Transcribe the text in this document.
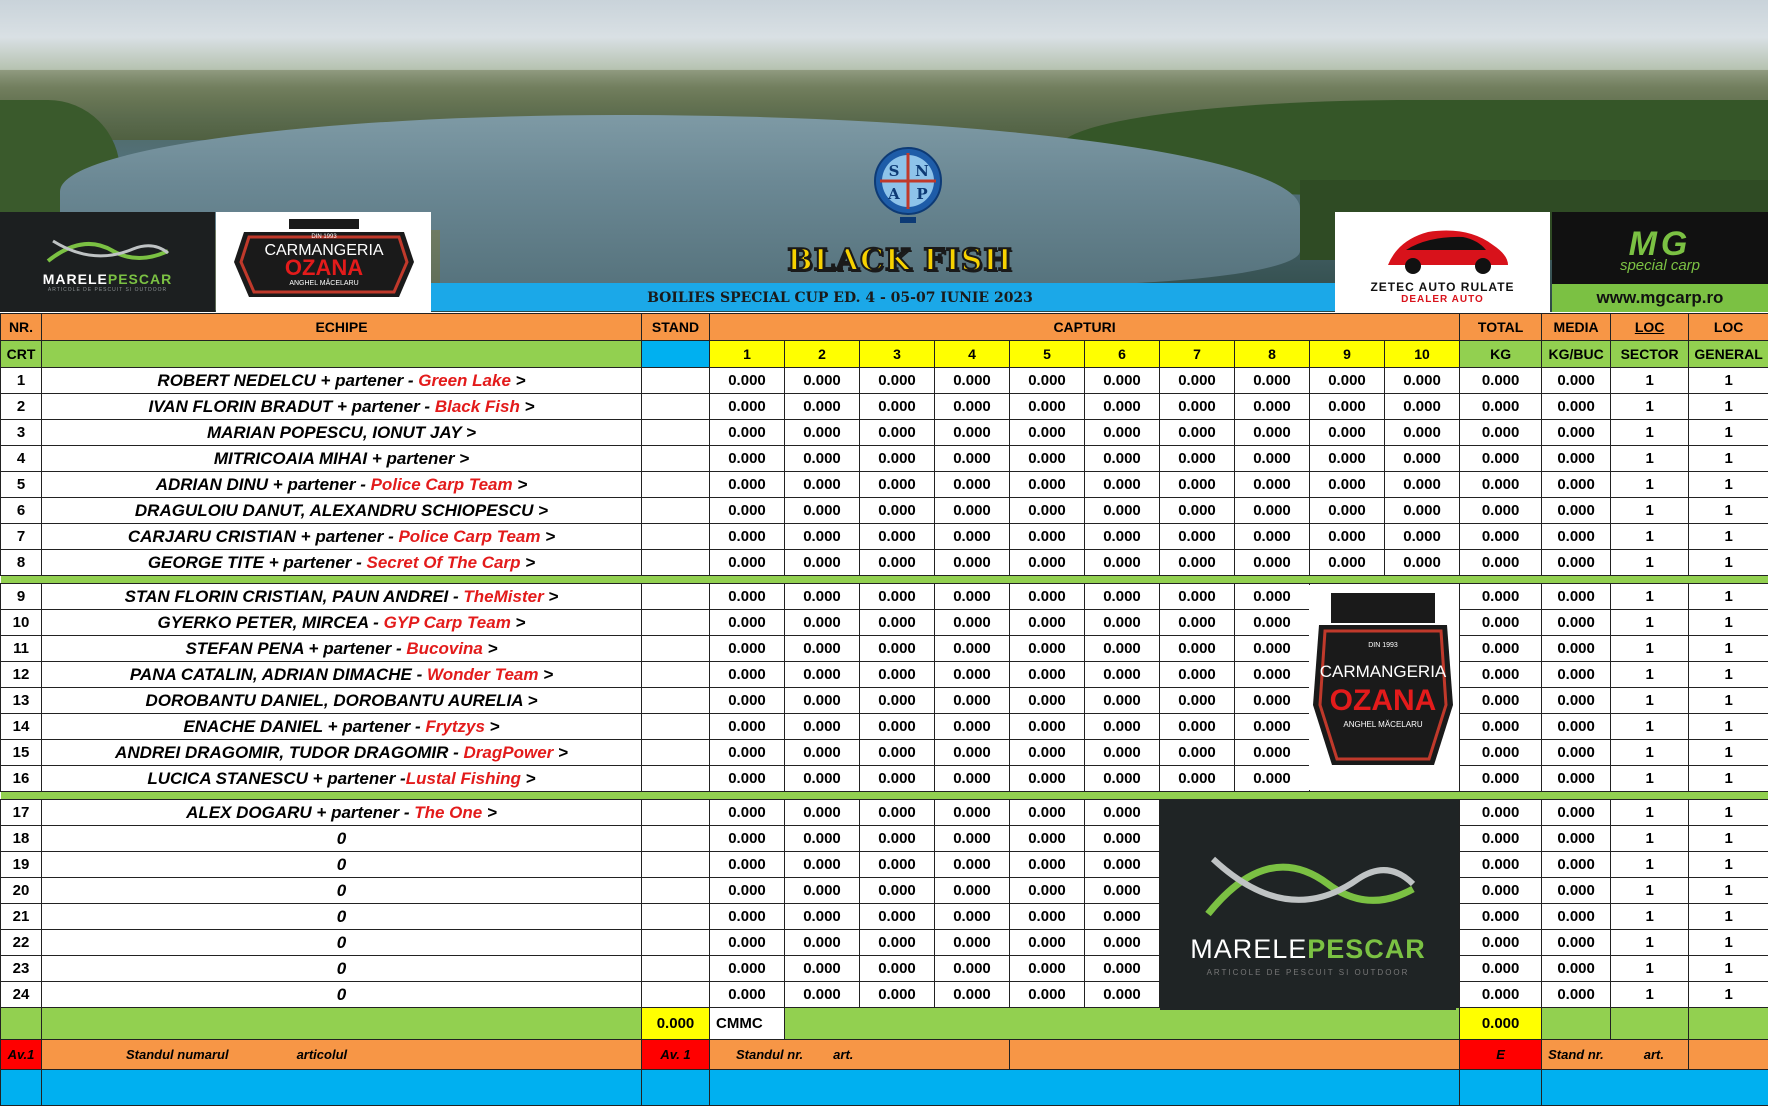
MARELEPESCAR
ARTICOLE DE PESCUIT SI OUTDOOR
DIN 1993
CARMANGERIA
OZANA
ANGHEL MĂCELARU
S N
A P
BLACK FISH
BOILIES SPECIAL CUP ED. 4 - 05-07 IUNIE 2023
ZETEC AUTO RULATE
DEALER AUTO
MG
special carp
www.mgcarp.ro
NR.	ECHIPE	STAND	CAPTURI										TOTAL	MEDIA	LOC	LOC
CRT			1	2	3	4	5	6	7	8	9	10	KG	KG/BUC	SECTOR	GENERAL
1	ROBERT NEDELCU + partener - Green Lake >		0.000	0.000	0.000	0.000	0.000	0.000	0.000	0.000	0.000	0.000	0.000	0.000	1	1
2	IVAN FLORIN BRADUT + partener - Black Fish >		0.000	0.000	0.000	0.000	0.000	0.000	0.000	0.000	0.000	0.000	0.000	0.000	1	1
3	MARIAN POPESCU, IONUT JAY >		0.000	0.000	0.000	0.000	0.000	0.000	0.000	0.000	0.000	0.000	0.000	0.000	1	1
4	MITRICOAIA MIHAI + partener >		0.000	0.000	0.000	0.000	0.000	0.000	0.000	0.000	0.000	0.000	0.000	0.000	1	1
5	ADRIAN DINU + partener - Police Carp Team >		0.000	0.000	0.000	0.000	0.000	0.000	0.000	0.000	0.000	0.000	0.000	0.000	1	1
6	DRAGULOIU DANUT, ALEXANDRU SCHIOPESCU >		0.000	0.000	0.000	0.000	0.000	0.000	0.000	0.000	0.000	0.000	0.000	0.000	1	1
7	CARJARU CRISTIAN + partener - Police Carp Team >		0.000	0.000	0.000	0.000	0.000	0.000	0.000	0.000	0.000	0.000	0.000	0.000	1	1
8	GEORGE TITE + partener - Secret Of The Carp >		0.000	0.000	0.000	0.000	0.000	0.000	0.000	0.000	0.000	0.000	0.000	0.000	1	1

9	STAN FLORIN CRISTIAN, PAUN ANDREI - TheMister >		0.000	0.000	0.000	0.000	0.000	0.000	0.000	0.000			0.000	0.000	1	1
10	GYERKO PETER, MIRCEA - GYP Carp Team >		0.000	0.000	0.000	0.000	0.000	0.000	0.000	0.000			0.000	0.000	1	1
11	STEFAN PENA + partener - Bucovina >		0.000	0.000	0.000	0.000	0.000	0.000	0.000	0.000			0.000	0.000	1	1
12	PANA CATALIN, ADRIAN DIMACHE - Wonder Team >		0.000	0.000	0.000	0.000	0.000	0.000	0.000	0.000			0.000	0.000	1	1
13	DOROBANTU DANIEL, DOROBANTU AURELIA >		0.000	0.000	0.000	0.000	0.000	0.000	0.000	0.000			0.000	0.000	1	1
14	ENACHE DANIEL + partener - Frytzys >		0.000	0.000	0.000	0.000	0.000	0.000	0.000	0.000			0.000	0.000	1	1
15	ANDREI DRAGOMIR, TUDOR DRAGOMIR - DragPower >		0.000	0.000	0.000	0.000	0.000	0.000	0.000	0.000			0.000	0.000	1	1
16	LUCICA STANESCU + partener -Lustal Fishing >		0.000	0.000	0.000	0.000	0.000	0.000	0.000	0.000			0.000	0.000	1	1

17	ALEX DOGARU + partener - The One >		0.000	0.000	0.000	0.000	0.000	0.000					0.000	0.000	1	1
18	0		0.000	0.000	0.000	0.000	0.000	0.000					0.000	0.000	1	1
19	0		0.000	0.000	0.000	0.000	0.000	0.000					0.000	0.000	1	1
20	0		0.000	0.000	0.000	0.000	0.000	0.000					0.000	0.000	1	1
21	0		0.000	0.000	0.000	0.000	0.000	0.000					0.000	0.000	1	1
22	0		0.000	0.000	0.000	0.000	0.000	0.000					0.000	0.000	1	1
23	0		0.000	0.000	0.000	0.000	0.000	0.000					0.000	0.000	1	1
24	0		0.000	0.000	0.000	0.000	0.000	0.000					0.000	0.000	1	1
		0.000	CMMC										0.000			
Av.1	Standul numarul articolul	Av. 1	Standul nr. art.										E	Stand nr. art.		

DIN 1993
CARMANGERIA
OZANA
ANGHEL MĂCELARU
MARELEPESCAR
ARTICOLE DE PESCUIT SI OUTDOOR
